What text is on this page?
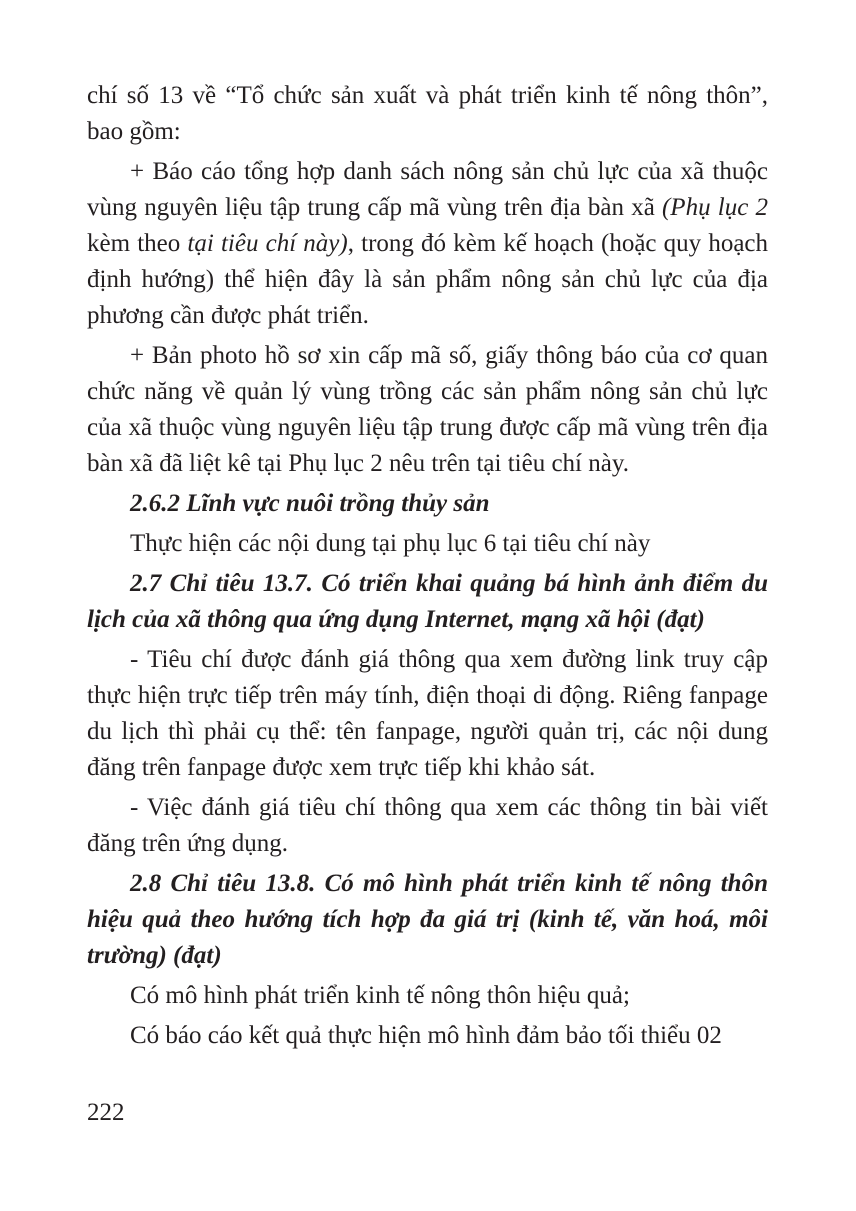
chí số 13 về “Tổ chức sản xuất và phát triển kinh tế nông thôn”, bao gồm:

+ Báo cáo tổng hợp danh sách nông sản chủ lực của xã thuộc vùng nguyên liệu tập trung cấp mã vùng trên địa bàn xã (Phụ lục 2 kèm theo tại tiêu chí này), trong đó kèm kế hoạch (hoặc quy hoạch định hướng) thể hiện đây là sản phẩm nông sản chủ lực của địa phương cần được phát triển.

+ Bản photo hồ sơ xin cấp mã số, giấy thông báo của cơ quan chức năng về quản lý vùng trồng các sản phẩm nông sản chủ lực của xã thuộc vùng nguyên liệu tập trung được cấp mã vùng trên địa bàn xã đã liệt kê tại Phụ lục 2 nêu trên tại tiêu chí này.

2.6.2 Lĩnh vực nuôi trồng thủy sản

Thực hiện các nội dung tại phụ lục 6 tại tiêu chí này

2.7 Chỉ tiêu 13.7. Có triển khai quảng bá hình ảnh điểm du lịch của xã thông qua ứng dụng Internet, mạng xã hội (đạt)

- Tiêu chí được đánh giá thông qua xem đường link truy cập thực hiện trực tiếp trên máy tính, điện thoại di động. Riêng fanpage du lịch thì phải cụ thể: tên fanpage, người quản trị, các nội dung đăng trên fanpage được xem trực tiếp khi khảo sát.

- Việc đánh giá tiêu chí thông qua xem các thông tin bài viết đăng trên ứng dụng.

2.8 Chỉ tiêu 13.8. Có mô hình phát triển kinh tế nông thôn hiệu quả theo hướng tích hợp đa giá trị (kinh tế, văn hoá, môi trường) (đạt)

Có mô hình phát triển kinh tế nông thôn hiệu quả;

Có báo cáo kết quả thực hiện mô hình đảm bảo tối thiểu 02

222
